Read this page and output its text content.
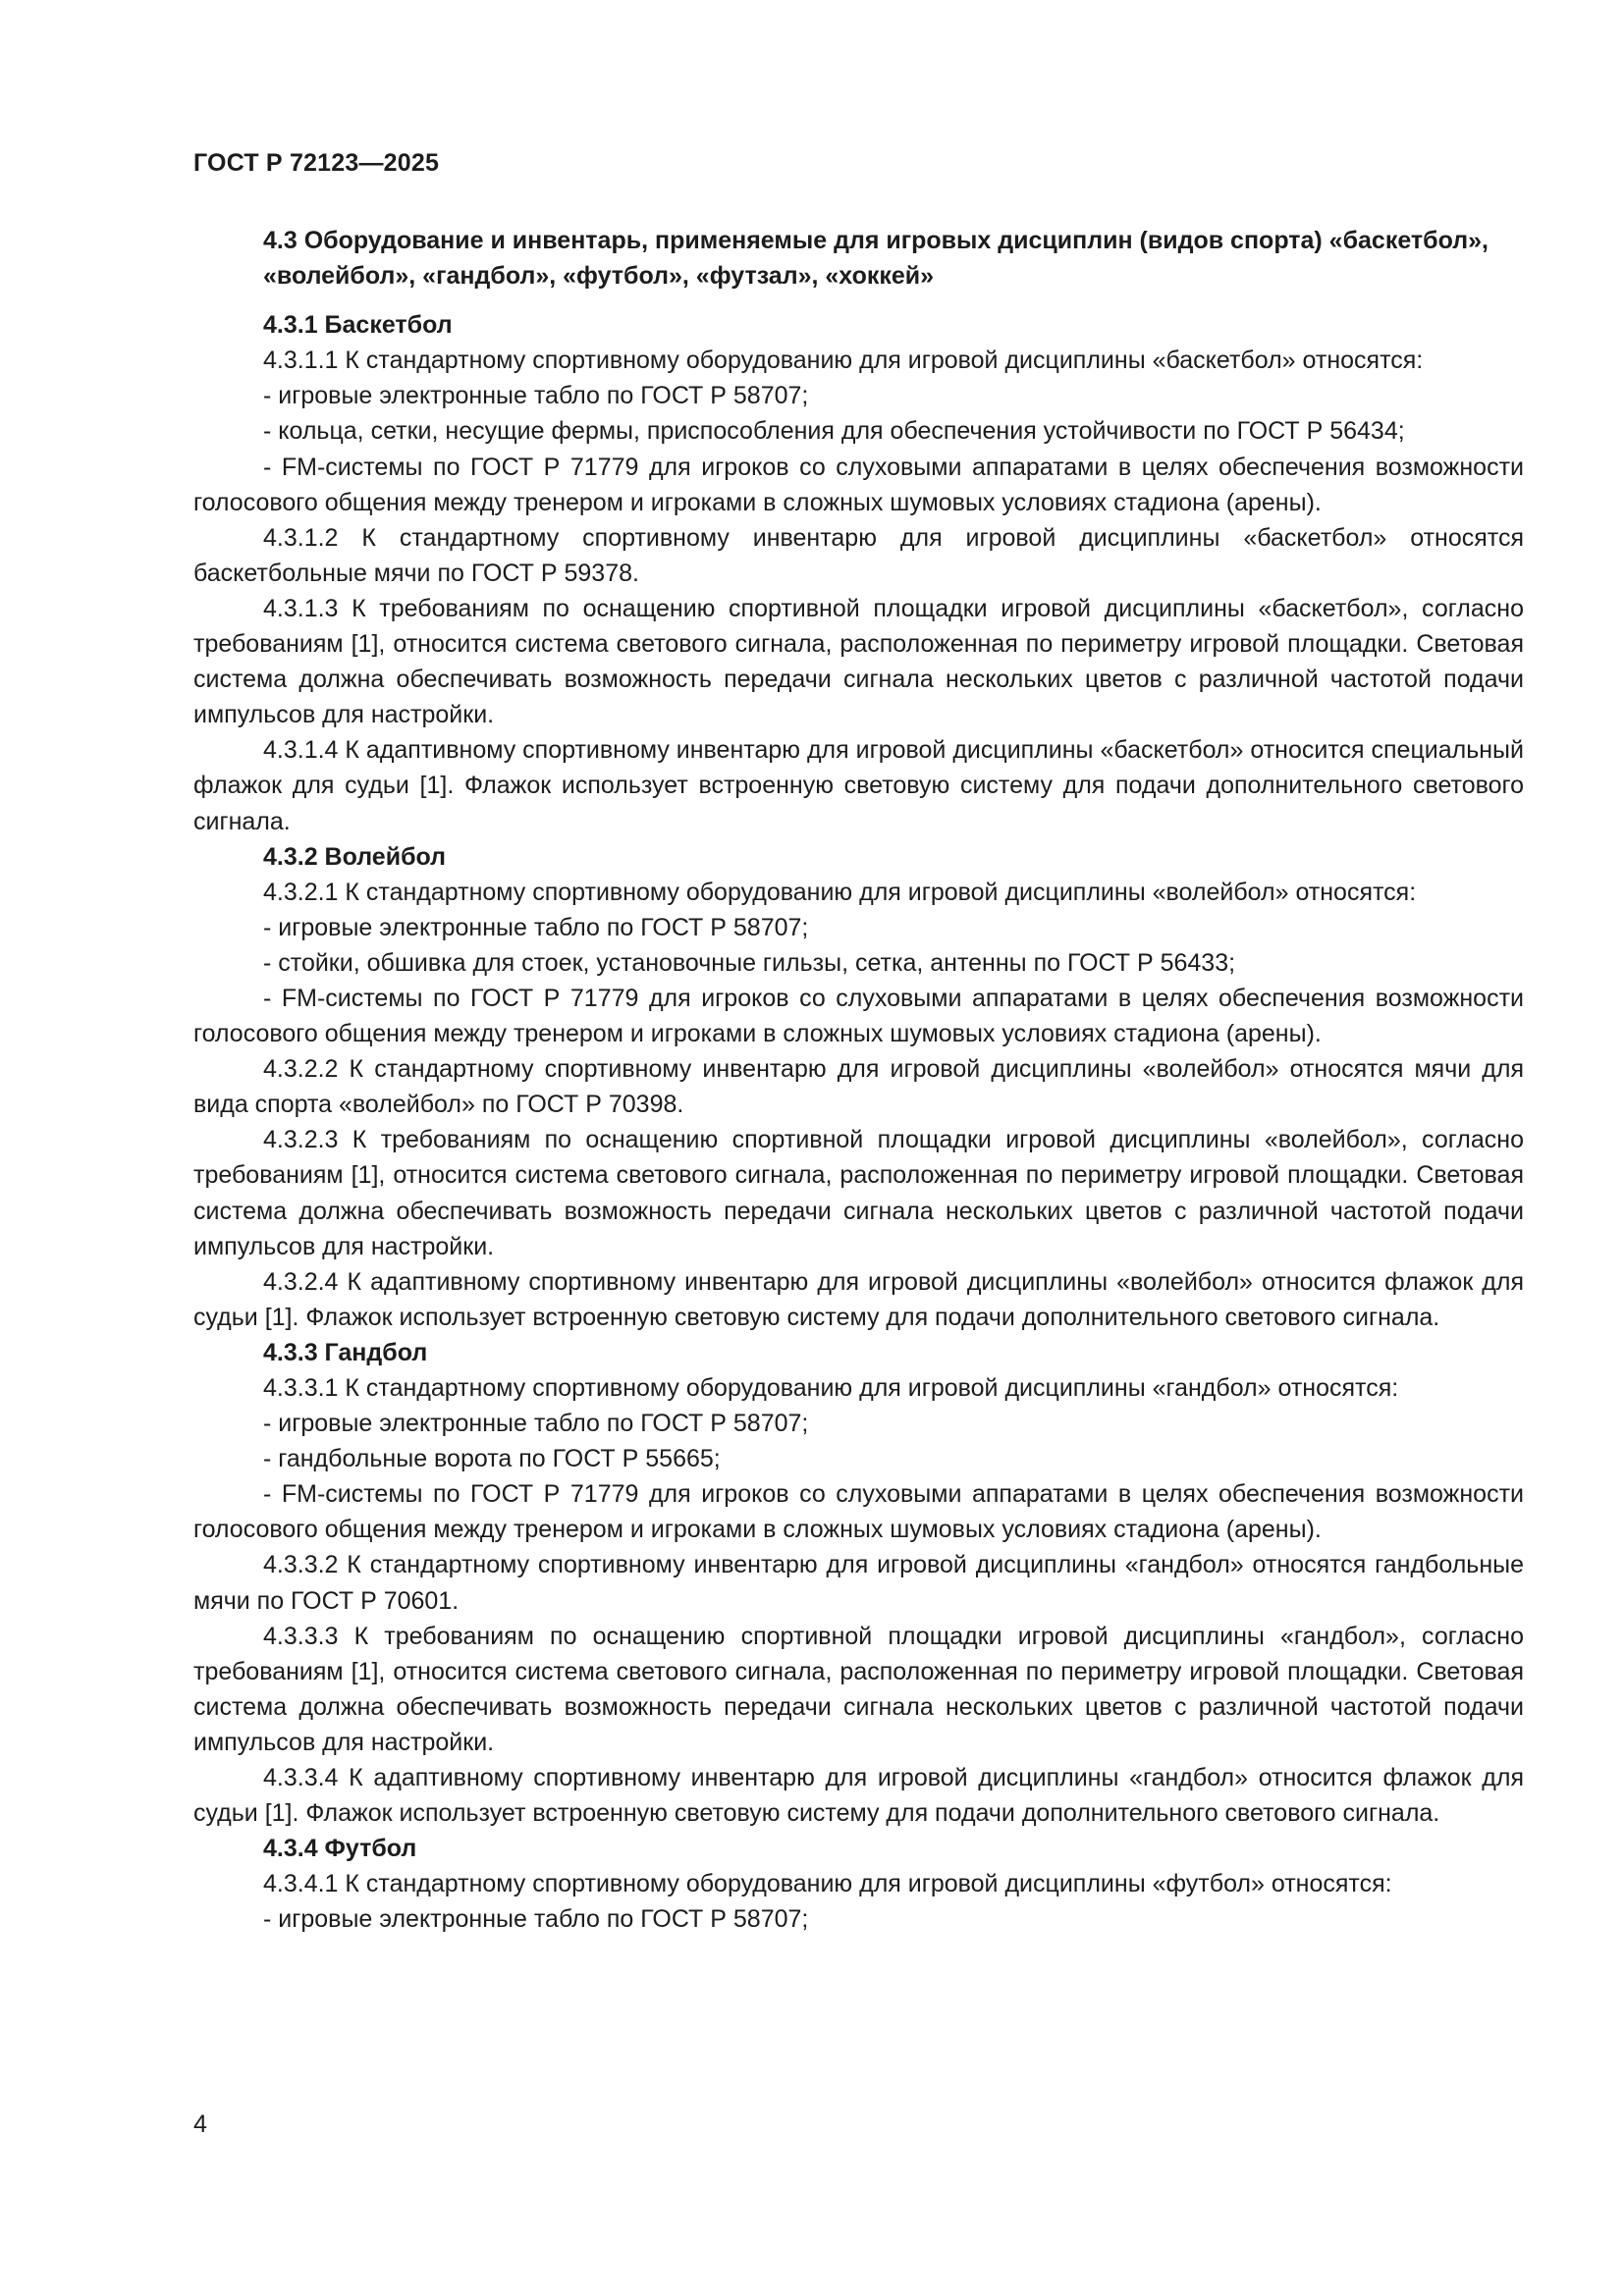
ГОСТ Р 72123—2025

4.3 Оборудование и инвентарь, применяемые для игровых дисциплин (видов спорта) «баскетбол», «волейбол», «гандбол», «футбол», «футзал», «хоккей»

4.3.1 Баскетбол

4.3.1.1 К стандартному спортивному оборудованию для игровой дисциплины «баскетбол» относятся:

- игровые электронные табло по ГОСТ Р 58707;

- кольца, сетки, несущие фермы, приспособления для обеспечения устойчивости по ГОСТ Р 56434;

- FM-системы по ГОСТ Р 71779 для игроков со слуховыми аппаратами в целях обеспечения возможности голосового общения между тренером и игроками в сложных шумовых условиях стадиона (арены).

4.3.1.2 К стандартному спортивному инвентарю для игровой дисциплины «баскетбол» относятся баскетбольные мячи по ГОСТ Р 59378.

4.3.1.3 К требованиям по оснащению спортивной площадки игровой дисциплины «баскетбол», согласно требованиям [1], относится система светового сигнала, расположенная по периметру игровой площадки. Световая система должна обеспечивать возможность передачи сигнала нескольких цветов с различной частотой подачи импульсов для настройки.

4.3.1.4 К адаптивному спортивному инвентарю для игровой дисциплины «баскетбол» относится специальный флажок для судьи [1]. Флажок использует встроенную световую систему для подачи дополнительного светового сигнала.

4.3.2 Волейбол

4.3.2.1 К стандартному спортивному оборудованию для игровой дисциплины «волейбол» относятся:

- игровые электронные табло по ГОСТ Р 58707;

- стойки, обшивка для стоек, установочные гильзы, сетка, антенны по ГОСТ Р 56433;

- FM-системы по ГОСТ Р 71779 для игроков со слуховыми аппаратами в целях обеспечения возможности голосового общения между тренером и игроками в сложных шумовых условиях стадиона (арены).

4.3.2.2 К стандартному спортивному инвентарю для игровой дисциплины «волейбол» относятся мячи для вида спорта «волейбол» по ГОСТ Р 70398.

4.3.2.3 К требованиям по оснащению спортивной площадки игровой дисциплины «волейбол», согласно требованиям [1], относится система светового сигнала, расположенная по периметру игровой площадки. Световая система должна обеспечивать возможность передачи сигнала нескольких цветов с различной частотой подачи импульсов для настройки.

4.3.2.4 К адаптивному спортивному инвентарю для игровой дисциплины «волейбол» относится флажок для судьи [1]. Флажок использует встроенную световую систему для подачи дополнительного светового сигнала.

4.3.3 Гандбол

4.3.3.1 К стандартному спортивному оборудованию для игровой дисциплины «гандбол» относятся:

- игровые электронные табло по ГОСТ Р 58707;

- гандбольные ворота по ГОСТ Р 55665;

- FM-системы по ГОСТ Р 71779 для игроков со слуховыми аппаратами в целях обеспечения возможности голосового общения между тренером и игроками в сложных шумовых условиях стадиона (арены).

4.3.3.2 К стандартному спортивному инвентарю для игровой дисциплины «гандбол» относятся гандбольные мячи по ГОСТ Р 70601.

4.3.3.3 К требованиям по оснащению спортивной площадки игровой дисциплины «гандбол», согласно требованиям [1], относится система светового сигнала, расположенная по периметру игровой площадки. Световая система должна обеспечивать возможность передачи сигнала нескольких цветов с различной частотой подачи импульсов для настройки.

4.3.3.4 К адаптивному спортивному инвентарю для игровой дисциплины «гандбол» относится флажок для судьи [1]. Флажок использует встроенную световую систему для подачи дополнительного светового сигнала.

4.3.4 Футбол

4.3.4.1 К стандартному спортивному оборудованию для игровой дисциплины «футбол» относятся:

- игровые электронные табло по ГОСТ Р 58707;

4
